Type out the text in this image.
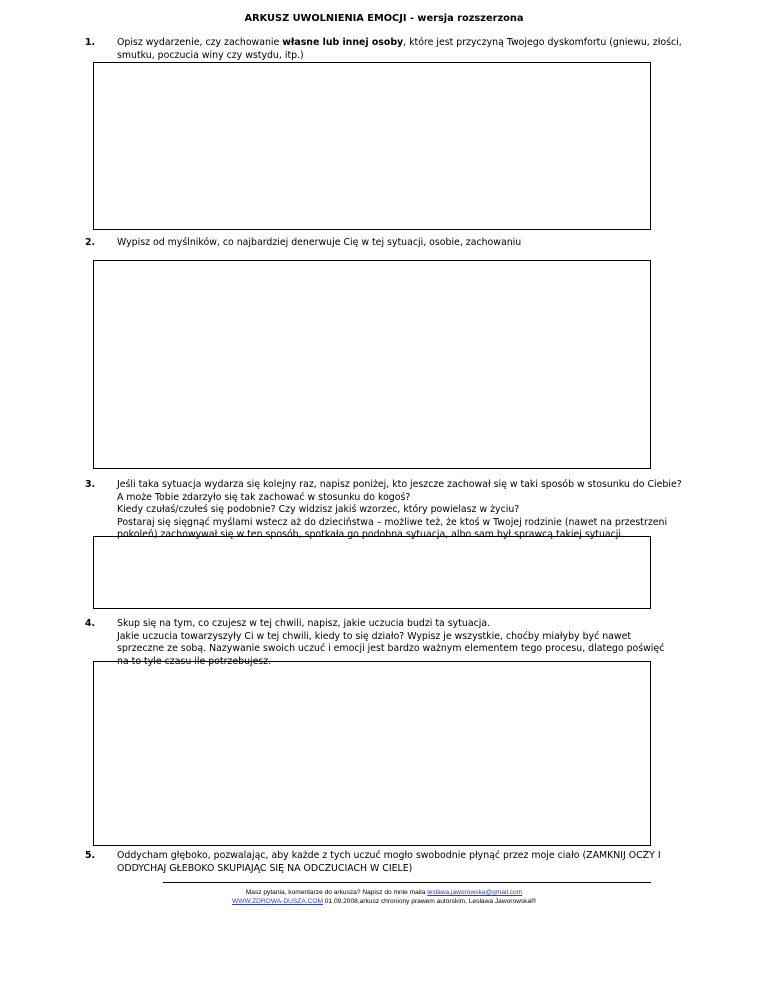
ARKUSZ UWOLNIENIA EMOCJI - wersja rozszerzona
1. Opisz wydarzenie, czy zachowanie własne lub innej osoby, które jest przyczyną Twojego dyskomfortu (gniewu, złości, smutku, poczucia winy czy wstydu, itp.)
2. Wypisz od myślników, co najbardziej denerwuje Cię w tej sytuacji, osobie, zachowaniu
3. Jeśli taka sytuacja wydarza się kolejny raz, napisz poniżej, kto jeszcze zachował się w taki sposób w stosunku do Ciebie?
A może Tobie zdarzyło się tak zachować w stosunku do kogoś?
Kiedy czułaś/czułeś się podobnie? Czy widzisz jakiś wzorzec, który powielasz w życiu?
Postaraj się sięgnąć myślami wstecz aż do dzieciństwa – możliwe też, że ktoś w Twojej rodzinie (nawet na przestrzeni pokoleń) zachowywał się w ten sposób, spotkała go podobna sytuacja, albo sam był sprawcą takiej sytuacji.
4. Skup się na tym, co czujesz w tej chwili, napisz, jakie uczucia budzi ta sytuacja.
Jakie uczucia towarzyszyły Ci w tej chwili, kiedy to się działo? Wypisz je wszystkie, choćby miałyby być nawet sprzeczne ze sobą. Nazywanie swoich uczuć i emocji jest bardzo ważnym elementem tego procesu, dlatego poświęć na to tyle czasu ile potrzebujesz.
5. Oddycham głęboko, pozwalając, aby każde z tych uczuć mogło swobodnie płynąć przez moje ciało (ZAMKNIJ OCZY I ODDYCHAJ GŁEBOKO SKUPIAJĄC SIĘ NA ODCZUCIACH W CIELE)
Masz pytania, komentarze do arkusza? Napisz do mnie maila leslawa.jaworowska@gmail.com
WWW.ZDROWA-DUSZA.COM 01.09.2008,arkusz chroniony prawem autorskim, Lesława Jaworowska®
